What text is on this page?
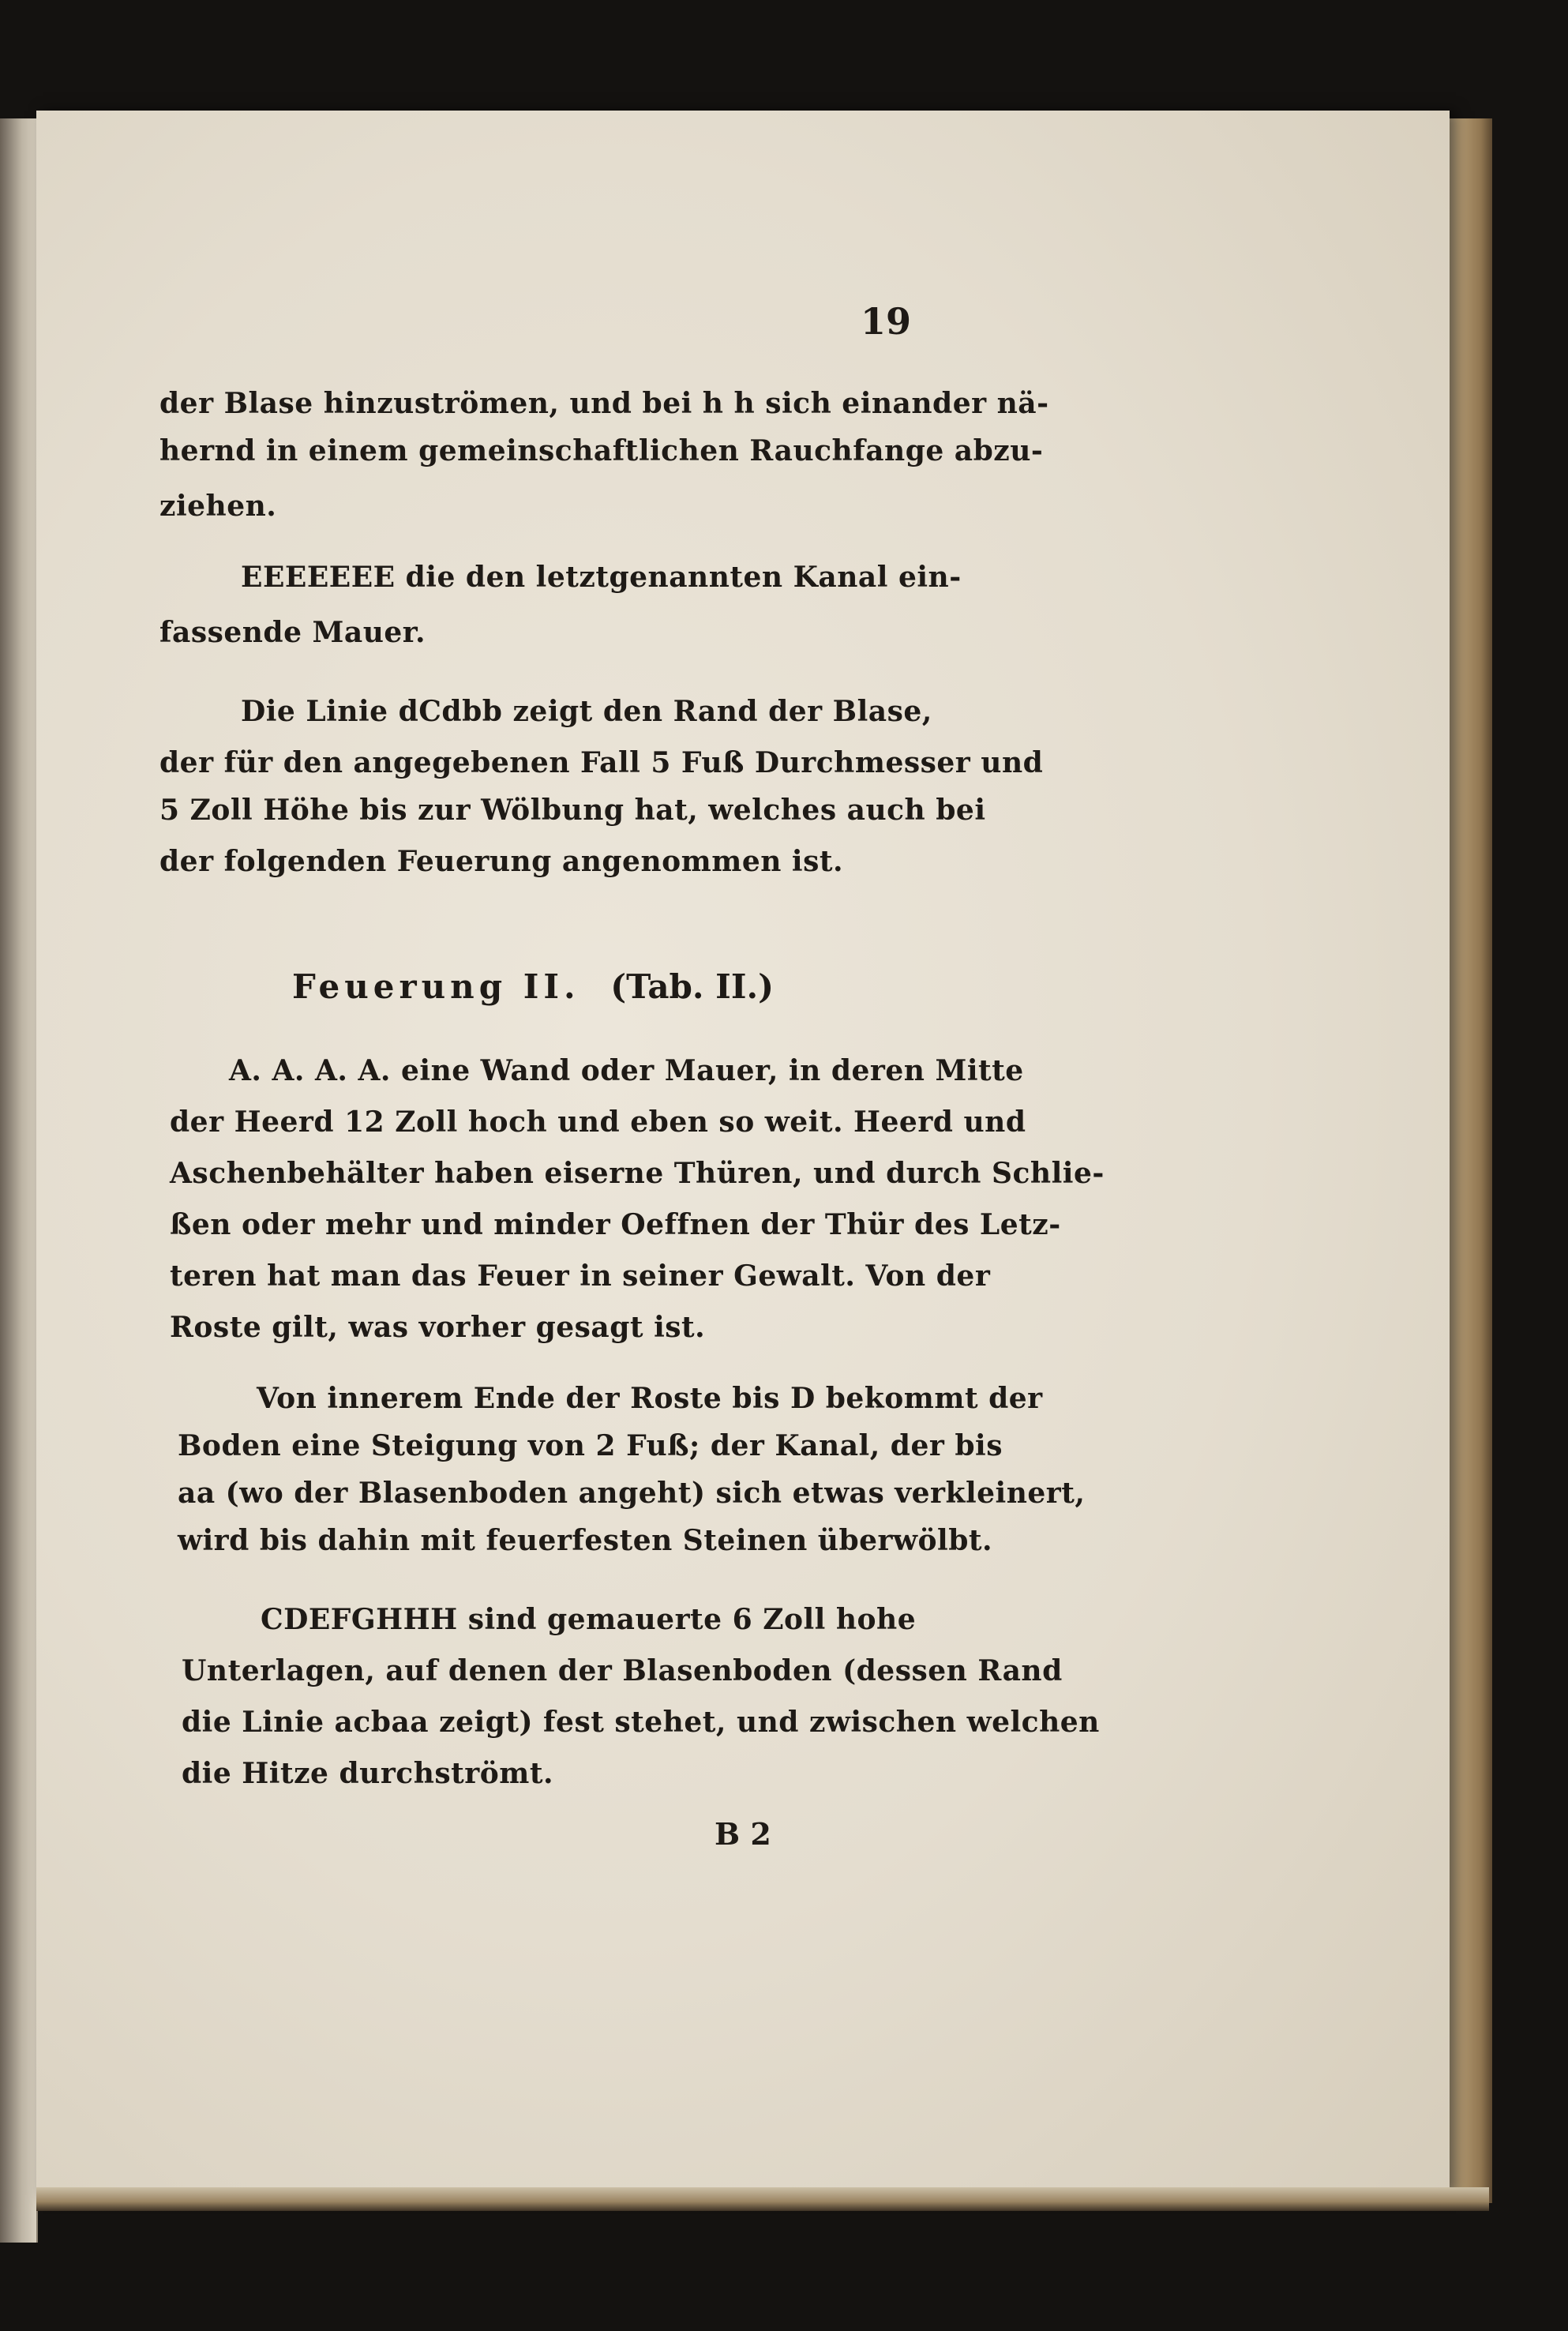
19
der Blase hinzuströmen, und bei h h sich einander nä-
hernd in einem gemeinschaftlichen Rauchfange abzu-
ziehen.
EEEEEEE die den letztgenannten Kanal ein-
fassende Mauer.
Die Linie dCdbb zeigt den Rand der Blase,
der für den angegebenen Fall 5 Fuß Durchmesser und
5 Zoll Höhe bis zur Wölbung hat, welches auch bei
der folgenden Feuerung angenommen ist.
Feuerung II. (Tab. II.)
A. A. A. A. eine Wand oder Mauer, in deren Mitte
der Heerd 12 Zoll hoch und eben so weit. Heerd und
Aschenbehälter haben eiserne Thüren, und durch Schlie-
ßen oder mehr und minder Oeffnen der Thür des Letz-
teren hat man das Feuer in seiner Gewalt. Von der
Roste gilt, was vorher gesagt ist.
Von innerem Ende der Roste bis D bekommt der
Boden eine Steigung von 2 Fuß; der Kanal, der bis
aa (wo der Blasenboden angeht) sich etwas verkleinert,
wird bis dahin mit feuerfesten Steinen überwölbt.
CDEFGHHH sind gemauerte 6 Zoll hohe
Unterlagen, auf denen der Blasenboden (dessen Rand
die Linie acbaa zeigt) fest stehet, und zwischen welchen
die Hitze durchströmt.
B 2
